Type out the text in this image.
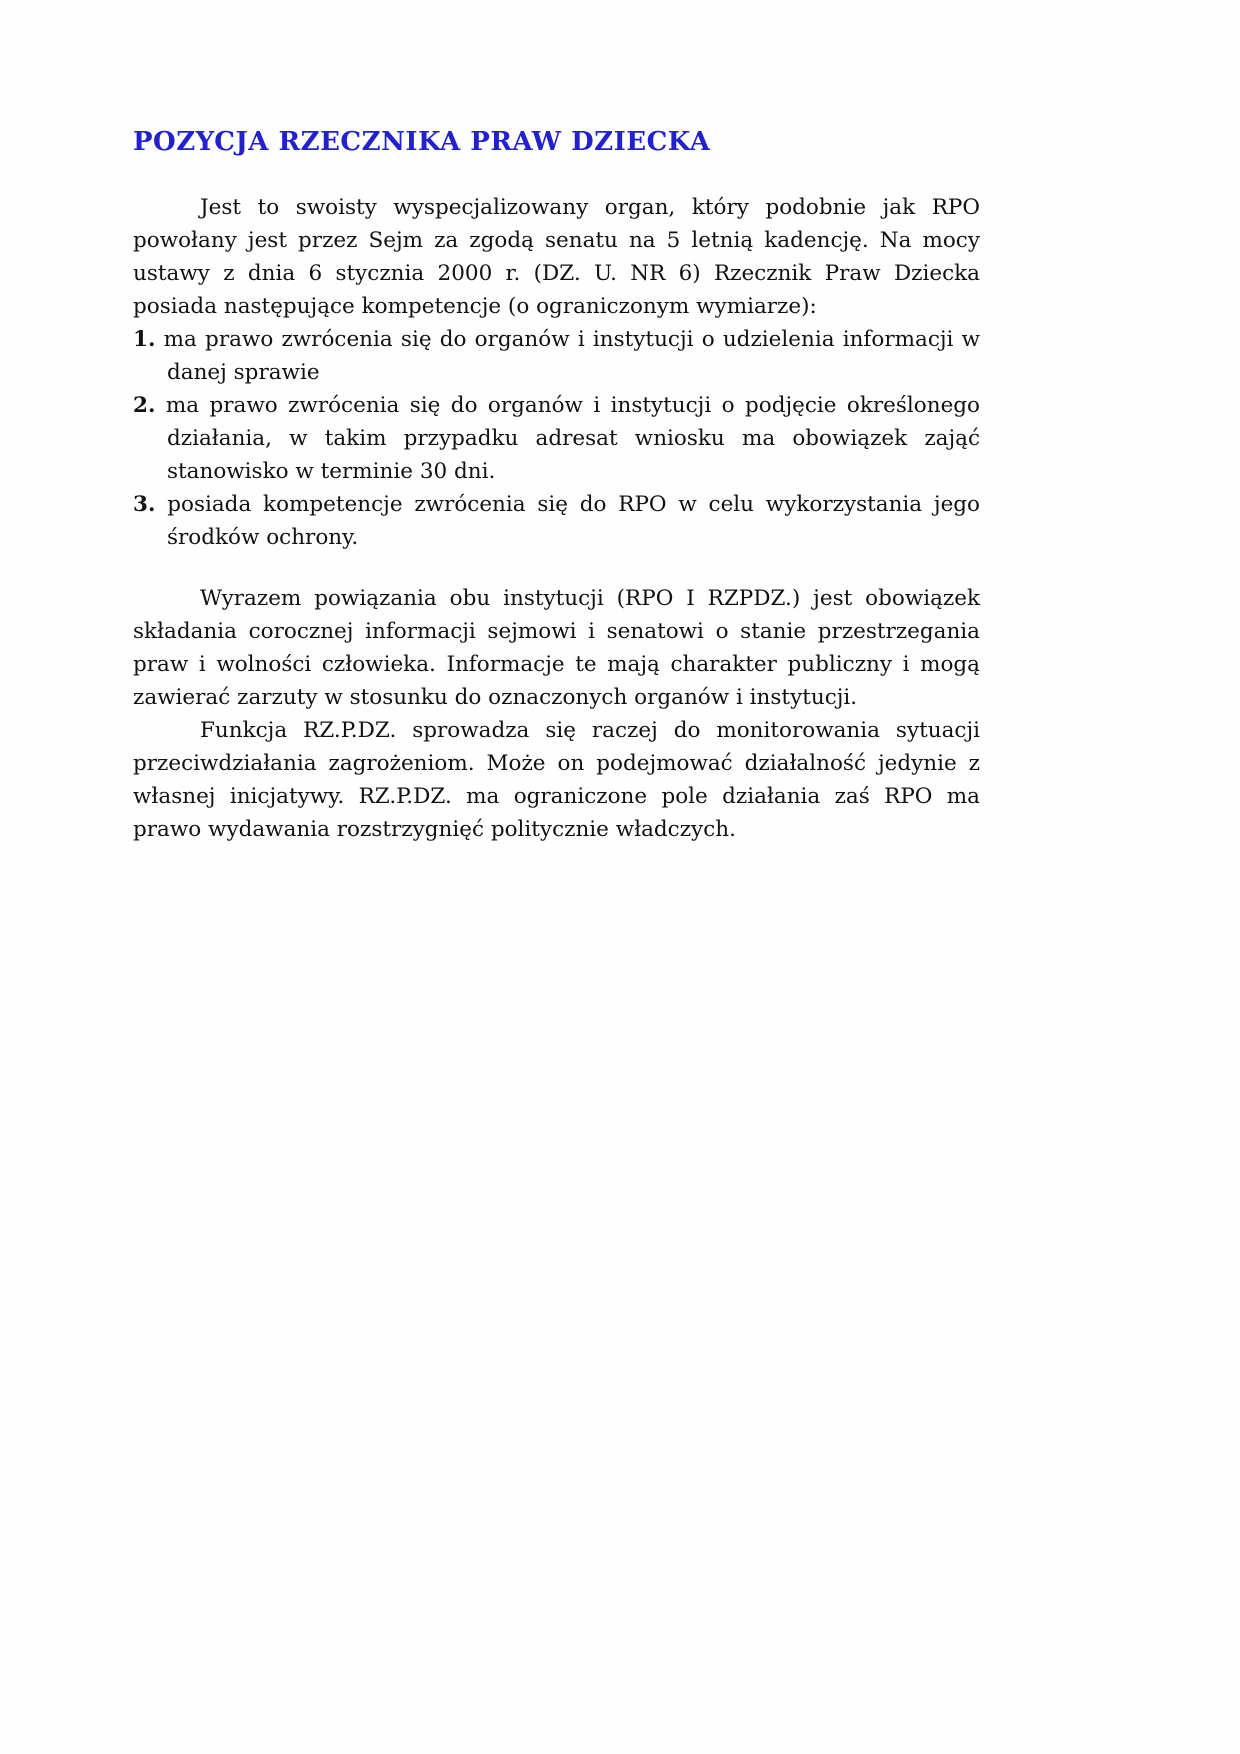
POZYCJA RZECZNIKA PRAW DZIECKA

Jest to swoisty wyspecjalizowany organ, który podobnie jak RPO powołany jest przez Sejm za zgodą senatu na 5 letnią kadencję. Na mocy ustawy z dnia 6 stycznia 2000 r. (DZ. U. NR 6) Rzecznik Praw Dziecka posiada następujące kompetencje (o ograniczonym wymiarze):

1. ma prawo zwrócenia się do organów i instytucji o udzielenia informacji w danej sprawie
2. ma prawo zwrócenia się do organów i instytucji o podjęcie określonego działania, w takim przypadku adresat wniosku ma obowiązek zająć stanowisko w terminie 30 dni.
3. posiada kompetencje zwrócenia się do RPO w celu wykorzystania jego środków ochrony.

Wyrazem powiązania obu instytucji (RPO I RZPDZ.) jest obowiązek składania corocznej informacji sejmowi i senatowi o stanie przestrzegania praw i wolności człowieka. Informacje te mają charakter publiczny i mogą zawierać zarzuty w stosunku do oznaczonych organów i instytucji.

Funkcja RZ.P.DZ. sprowadza się raczej do monitorowania sytuacji przeciwdziałania zagrożeniom. Może on podejmować działalność jedynie z własnej inicjatywy. RZ.P.DZ. ma ograniczone pole działania zaś RPO ma prawo wydawania rozstrzygnięć politycznie władczych.
